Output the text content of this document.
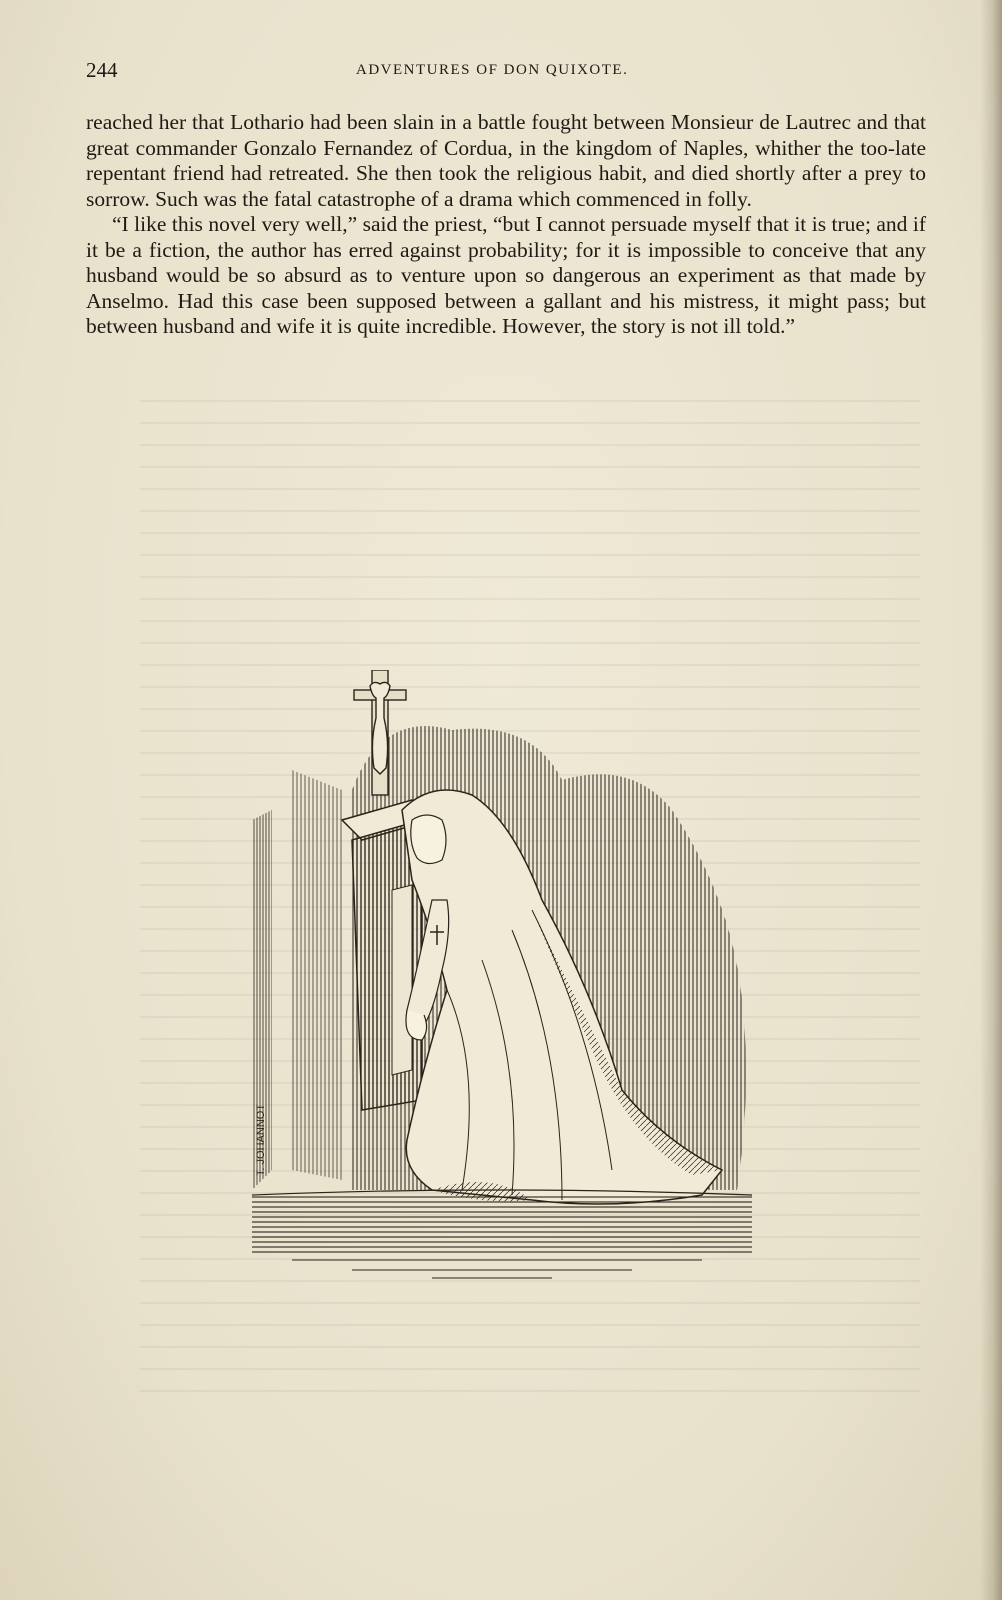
244	ADVENTURES OF DON QUIXOTE.

reached her that Lothario had been slain in a battle fought between Monsieur de Lautrec and that great commander Gonzalo Fernandez of Cordua, in the kingdom of Naples, whither the too-late repentant friend had retreated. She then took the religious habit, and died shortly after a prey to sorrow. Such was the fatal catastrophe of a drama which commenced in folly.

“I like this novel very well,” said the priest, “but I cannot persuade myself that it is true; and if it be a fiction, the author has erred against probability; for it is impossible to conceive that any husband would be so absurd as to venture upon so dangerous an experiment as that made by Anselmo. Had this case been supposed between a gallant and his mistress, it might pass; but between husband and wife it is quite incredible. However, the story is not ill told.”

T. JOHANNOT
